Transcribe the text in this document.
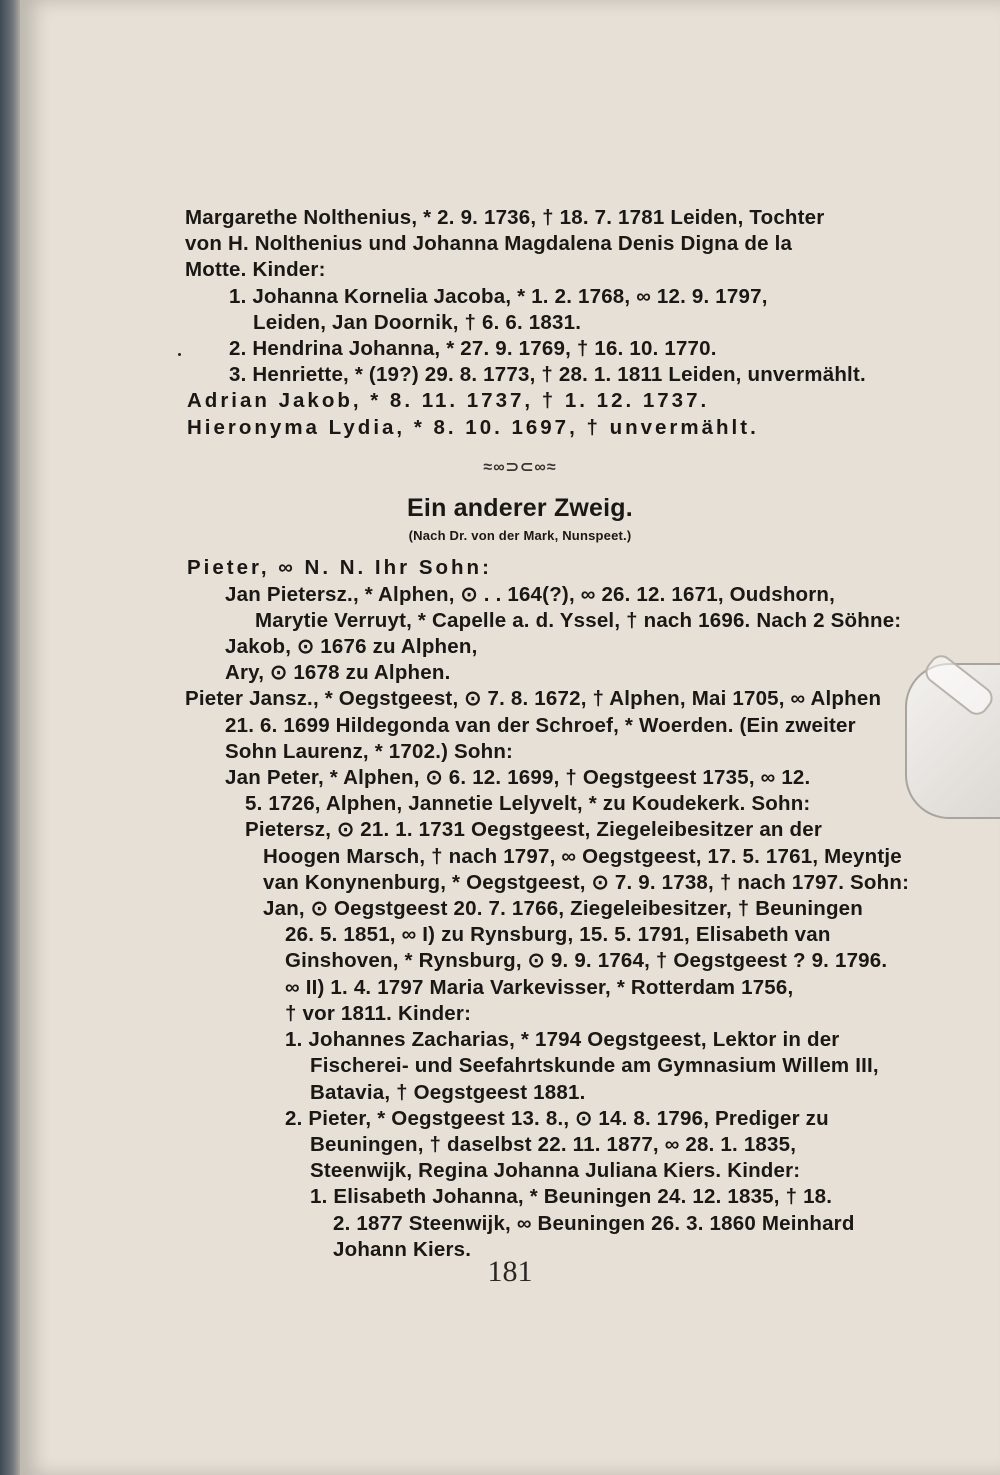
181
Margarethe Nolthenius, * 2. 9. 1736, † 18. 7. 1781 Leiden, Tochter
von H. Nolthenius und Johanna Magdalena Denis Digna de la
Motte. Kinder:
1. Johanna Kornelia Jacoba, * 1. 2. 1768, ∞ 12. 9. 1797,
Leiden, Jan Doornik, † 6. 6. 1831.
2. Hendrina Johanna, * 27. 9. 1769, † 16. 10. 1770.
3. Henriette, * (19?) 29. 8. 1773, † 28. 1. 1811 Leiden, unvermählt.
Adrian Jakob, * 8. 11. 1737, † 1. 12. 1737.
Hieronyma Lydia, * 8. 10. 1697, † unvermählt.
≈∞⊃⊂∞≈
Ein anderer Zweig.
(Nach Dr. von der Mark, Nunspeet.)
Pieter, ∞ N. N. Ihr Sohn:
Jan Pietersz., * Alphen, ⊙ . . 164(?), ∞ 26. 12. 1671, Oudshorn,
Marytie Verruyt, * Capelle a. d. Yssel, † nach 1696. Nach 2 Söhne:
Jakob, ⊙ 1676 zu Alphen,
Ary, ⊙ 1678 zu Alphen.
Pieter Jansz., * Oegstgeest, ⊙ 7. 8. 1672, † Alphen, Mai 1705, ∞ Alphen
21. 6. 1699 Hildegonda van der Schroef, * Woerden. (Ein zweiter
Sohn Laurenz, * 1702.) Sohn:
Jan Peter, * Alphen, ⊙ 6. 12. 1699, † Oegstgeest 1735, ∞ 12.
5. 1726, Alphen, Jannetie Lelyvelt, * zu Koudekerk. Sohn:
Pietersz, ⊙ 21. 1. 1731 Oegstgeest, Ziegeleibesitzer an der
Hoogen Marsch, † nach 1797, ∞ Oegstgeest, 17. 5. 1761, Meyntje
van Konynenburg, * Oegstgeest, ⊙ 7. 9. 1738, † nach 1797. Sohn:
Jan, ⊙ Oegstgeest 20. 7. 1766, Ziegeleibesitzer, † Beuningen
26. 5. 1851, ∞ I) zu Rynsburg, 15. 5. 1791, Elisabeth van
Ginshoven, * Rynsburg, ⊙ 9. 9. 1764, † Oegstgeest ? 9. 1796.
∞ II) 1. 4. 1797 Maria Varkevisser, * Rotterdam 1756,
† vor 1811. Kinder:
1. Johannes Zacharias, * 1794 Oegstgeest, Lektor in der
Fischerei- und Seefahrtskunde am Gymnasium Willem III,
Batavia, † Oegstgeest 1881.
2. Pieter, * Oegstgeest 13. 8., ⊙ 14. 8. 1796, Prediger zu
Beuningen, † daselbst 22. 11. 1877, ∞ 28. 1. 1835,
Steenwijk, Regina Johanna Juliana Kiers. Kinder:
1. Elisabeth Johanna, * Beuningen 24. 12. 1835, † 18.
2. 1877 Steenwijk, ∞ Beuningen 26. 3. 1860 Meinhard
Johann Kiers.
